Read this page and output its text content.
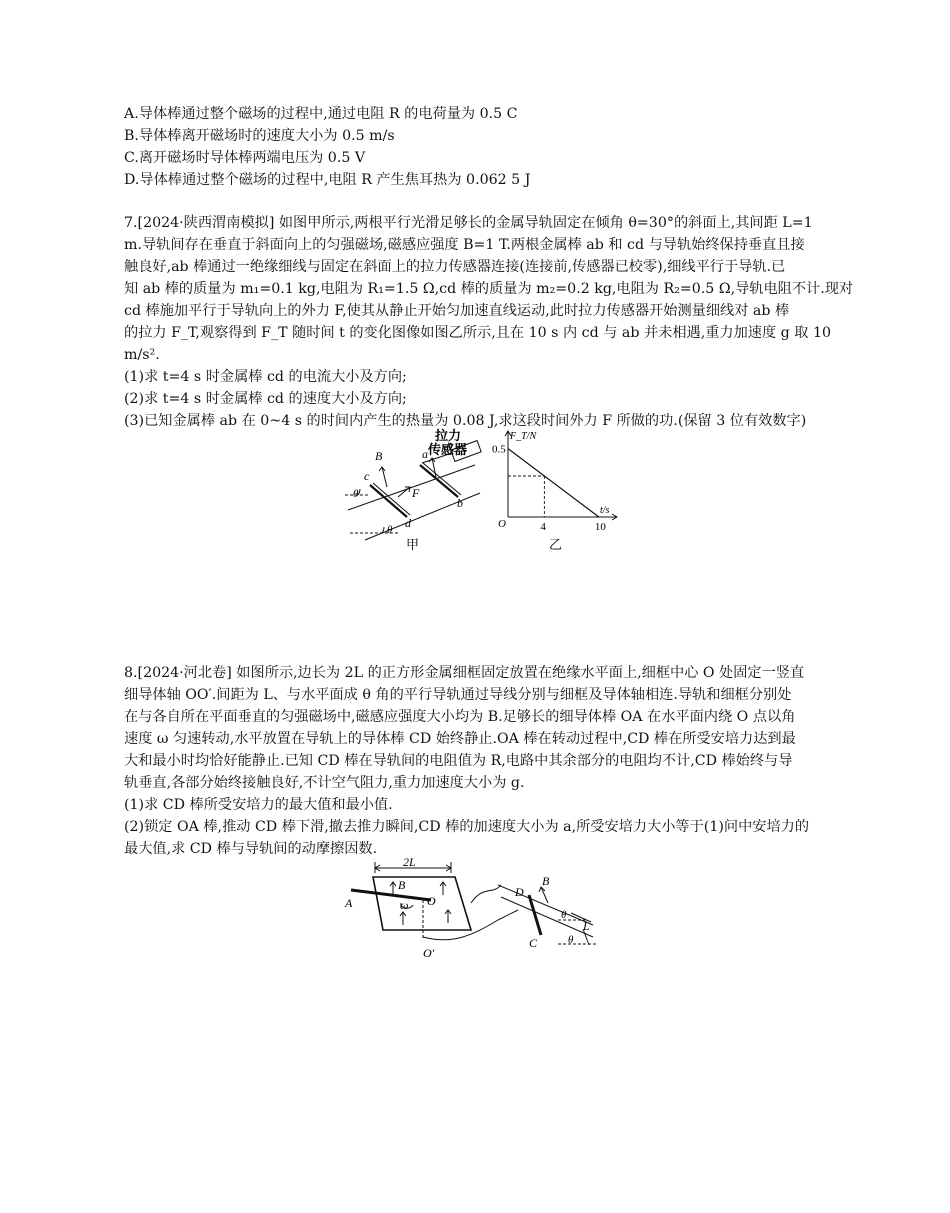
A.导体棒通过整个磁场的过程中,通过电阻 R 的电荷量为 0.5 C
B.导体棒离开磁场时的速度大小为 0.5 m/s
C.离开磁场时导体棒两端电压为 0.5 V
D.导体棒通过整个磁场的过程中,电阻 R 产生焦耳热为 0.062 5 J
7.[2024·陕西渭南模拟] 如图甲所示,两根平行光滑足够长的金属导轨固定在倾角 θ=30°的斜面上,其间距 L=1
m.导轨间存在垂直于斜面向上的匀强磁场,磁感应强度 B=1 T.两根金属棒 ab 和 cd 与导轨始终保持垂直且接
触良好,ab 棒通过一绝缘细线与固定在斜面上的拉力传感器连接(连接前,传感器已校零),细线平行于导轨.已
知 ab 棒的质量为 m₁=0.1 kg,电阻为 R₁=1.5 Ω,cd 棒的质量为 m₂=0.2 kg,电阻为 R₂=0.5 Ω,导轨电阻不计.现对
cd 棒施加平行于导轨向上的外力 F,使其从静止开始匀加速直线运动,此时拉力传感器开始测量细线对 ab 棒
的拉力 F_T,观察得到 F_T 随时间 t 的变化图像如图乙所示,且在 10 s 内 cd 与 ab 并未相遇,重力加速度 g 取 10
m/s².
(1)求 t=4 s 时金属棒 cd 的电流大小及方向;
(2)求 t=4 s 时金属棒 cd 的速度大小及方向;
(3)已知金属棒 ab 在 0~4 s 的时间内产生的热量为 0.08 J,求这段时间外力 F 所做的功.(保留 3 位有效数字)
拉力
传感器
B	a
b
c
d
F
θ
θ
甲
4	10
0.5
F_T/N
t/s
O
乙
8.[2024·河北卷] 如图所示,边长为 2L 的正方形金属细框固定放置在绝缘水平面上,细框中心 O 处固定一竖直
细导体轴 OO′.间距为 L、与水平面成 θ 角的平行导轨通过导线分别与细框及导体轴相连.导轨和细框分别处
在与各自所在平面垂直的匀强磁场中,磁感应强度大小均为 B.足够长的细导体棒 OA 在水平面内绕 O 点以角
速度 ω 匀速转动,水平放置在导轨上的导体棒 CD 始终静止.OA 棒在转动过程中,CD 棒在所受安培力达到最
大和最小时均恰好能静止.已知 CD 棒在导轨间的电阻值为 R,电路中其余部分的电阻均不计,CD 棒始终与导
轨垂直,各部分始终接触良好,不计空气阻力,重力加速度大小为 g.
(1)求 CD 棒所受安培力的最大值和最小值.
(2)锁定 OA 棒,推动 CD 棒下滑,撤去推力瞬间,CD 棒的加速度大小为 a,所受安培力大小等于(1)问中安培力的
最大值,求 CD 棒与导轨间的动摩擦因数.
2L
B
A	ω O
O′
D
C
B
θ
θ
L
